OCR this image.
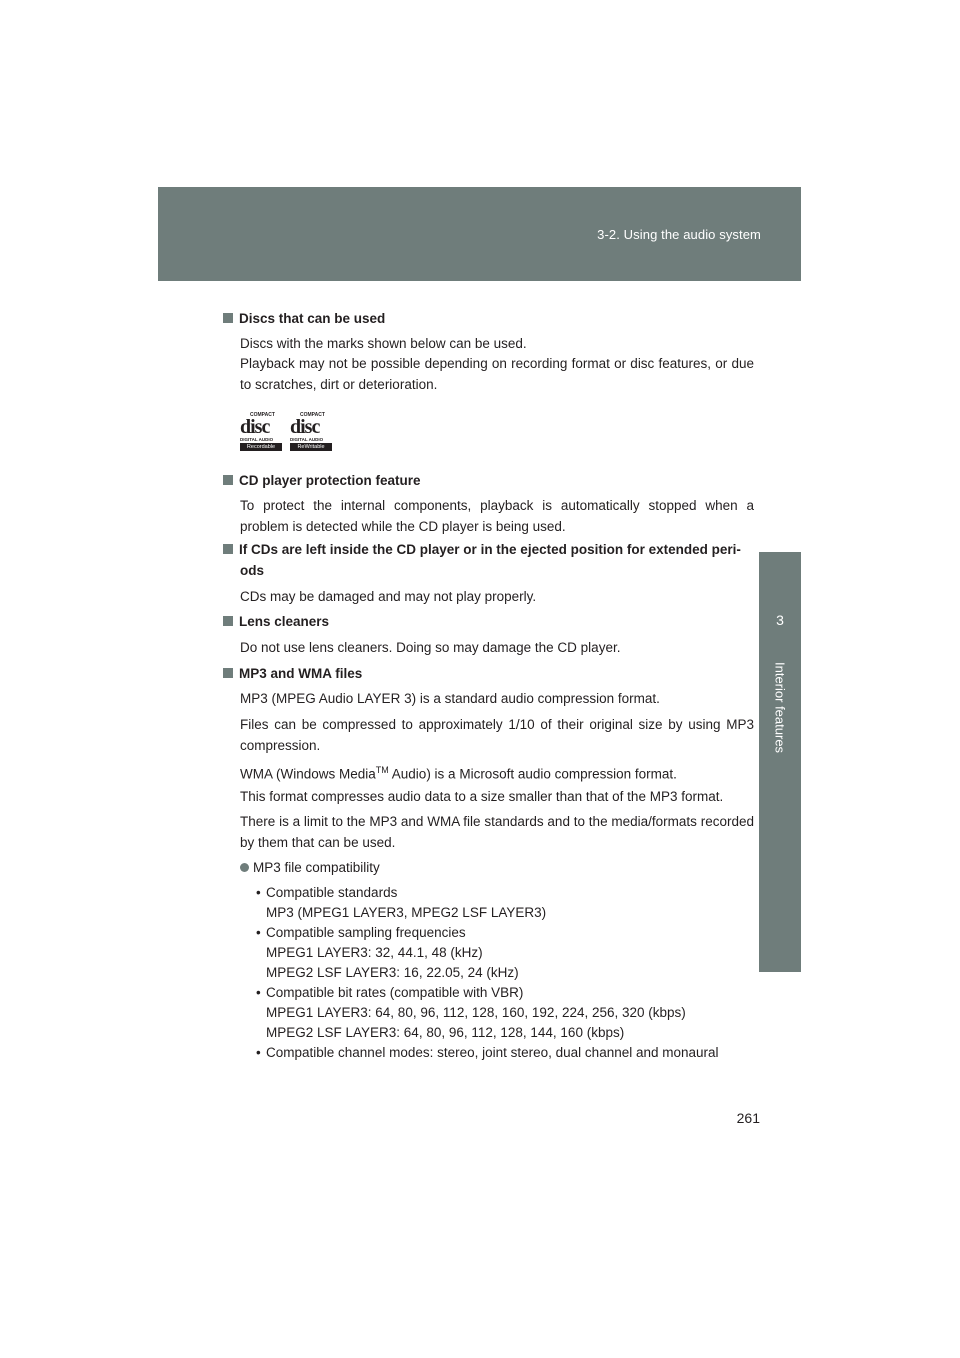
3-2. Using the audio system
3
Interior features
Discs that can be used
Discs with the marks shown below can be used.
Playback may not be possible depending on recording format or disc features, or due to scratches, dirt or deterioration.
COMPACT
disc
DIGITAL AUDIO
Recordable
COMPACT
disc
DIGITAL AUDIO
ReWritable
CD player protection feature
To protect the internal components, playback is automatically stopped when a problem is detected while the CD player is being used.
If CDs are left inside the CD player or in the ejected position for extended peri-ods
CDs may be damaged and may not play properly.
Lens cleaners
Do not use lens cleaners. Doing so may damage the CD player.
MP3 and WMA files
MP3 (MPEG Audio LAYER 3) is a standard audio compression format.
Files can be compressed to approximately 1/10 of their original size by using MP3 compression.
WMA (Windows Media™ Audio) is a Microsoft audio compression format.
This format compresses audio data to a size smaller than that of the MP3 format.
There is a limit to the MP3 and WMA file standards and to the media/formats recorded by them that can be used.
MP3 file compatibility
• Compatible standards
MP3 (MPEG1 LAYER3, MPEG2 LSF LAYER3)
• Compatible sampling frequencies
MPEG1 LAYER3: 32, 44.1, 48 (kHz)
MPEG2 LSF LAYER3: 16, 22.05, 24 (kHz)
• Compatible bit rates (compatible with VBR)
MPEG1 LAYER3: 64, 80, 96, 112, 128, 160, 192, 224, 256, 320 (kbps)
MPEG2 LSF LAYER3: 64, 80, 96, 112, 128, 144, 160 (kbps)
• Compatible channel modes: stereo, joint stereo, dual channel and monaural
261
